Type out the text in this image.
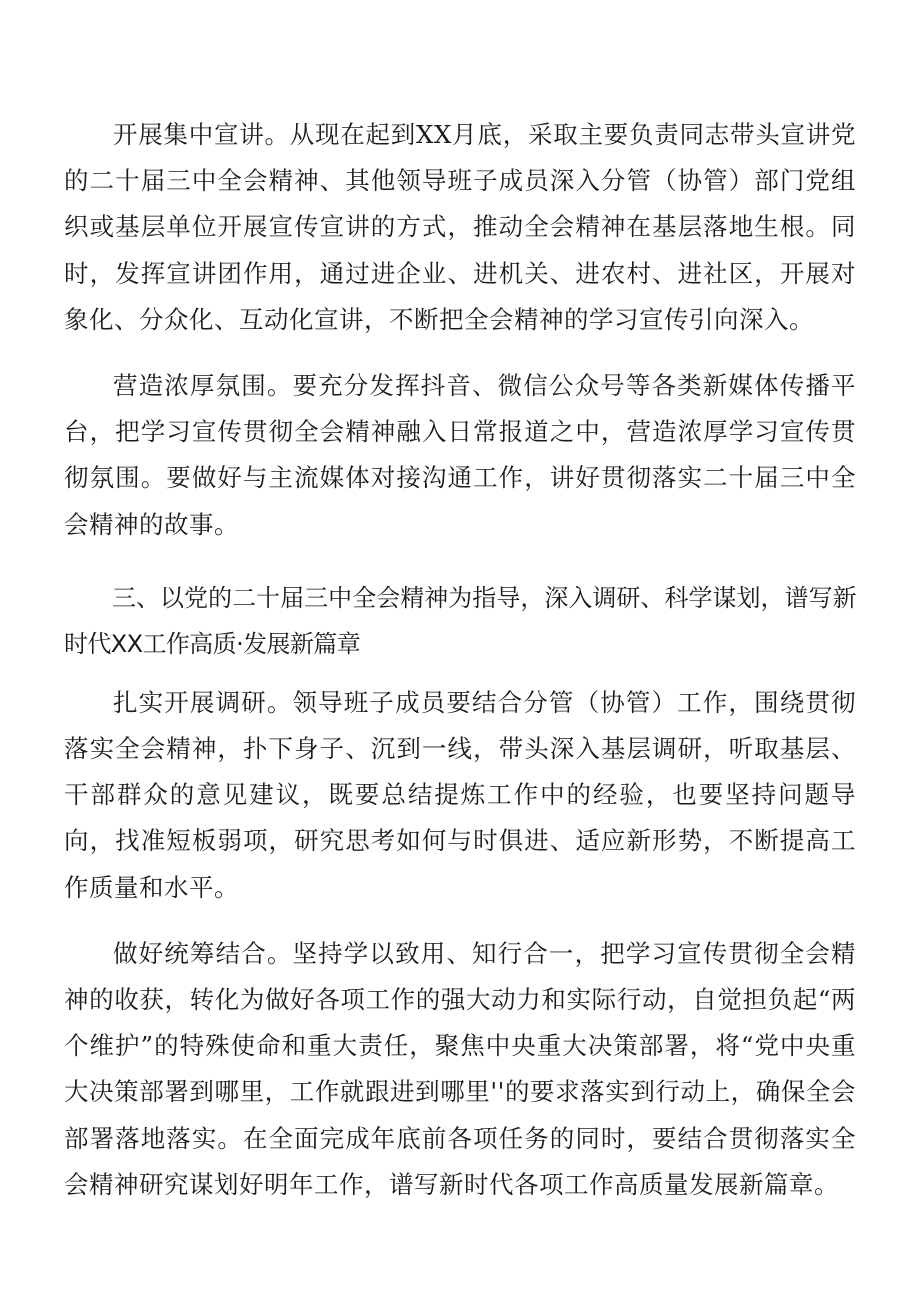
开展集中宣讲。从现在起到XX月底，采取主要负责同志带头宣讲党的二十届三中全会精神、其他领导班子成员深入分管（协管）部门党组织或基层单位开展宣传宣讲的方式，推动全会精神在基层落地生根。同时，发挥宣讲团作用，通过进企业、进机关、进农村、进社区，开展对象化、分众化、互动化宣讲，不断把全会精神的学习宣传引向深入。

营造浓厚氛围。要充分发挥抖音、微信公众号等各类新媒体传播平台，把学习宣传贯彻全会精神融入日常报道之中，营造浓厚学习宣传贯彻氛围。要做好与主流媒体对接沟通工作，讲好贯彻落实二十届三中全会精神的故事。

三、以党的二十届三中全会精神为指导，深入调研、科学谋划，谱写新时代XX工作高质·发展新篇章

扎实开展调研。领导班子成员要结合分管（协管）工作，围绕贯彻落实全会精神，扑下身子、沉到一线，带头深入基层调研，听取基层、干部群众的意见建议，既要总结提炼工作中的经验，也要坚持问题导向，找准短板弱项，研究思考如何与时俱进、适应新形势，不断提高工作质量和水平。

做好统筹结合。坚持学以致用、知行合一，把学习宣传贯彻全会精神的收获，转化为做好各项工作的强大动力和实际行动，自觉担负起“两个维护”的特殊使命和重大责任，聚焦中央重大决策部署，将“党中央重大决策部署到哪里，工作就跟进到哪里''的要求落实到行动上，确保全会部署落地落实。在全面完成年底前各项任务的同时，要结合贯彻落实全会精神研究谋划好明年工作，谱写新时代各项工作高质量发展新篇章。
